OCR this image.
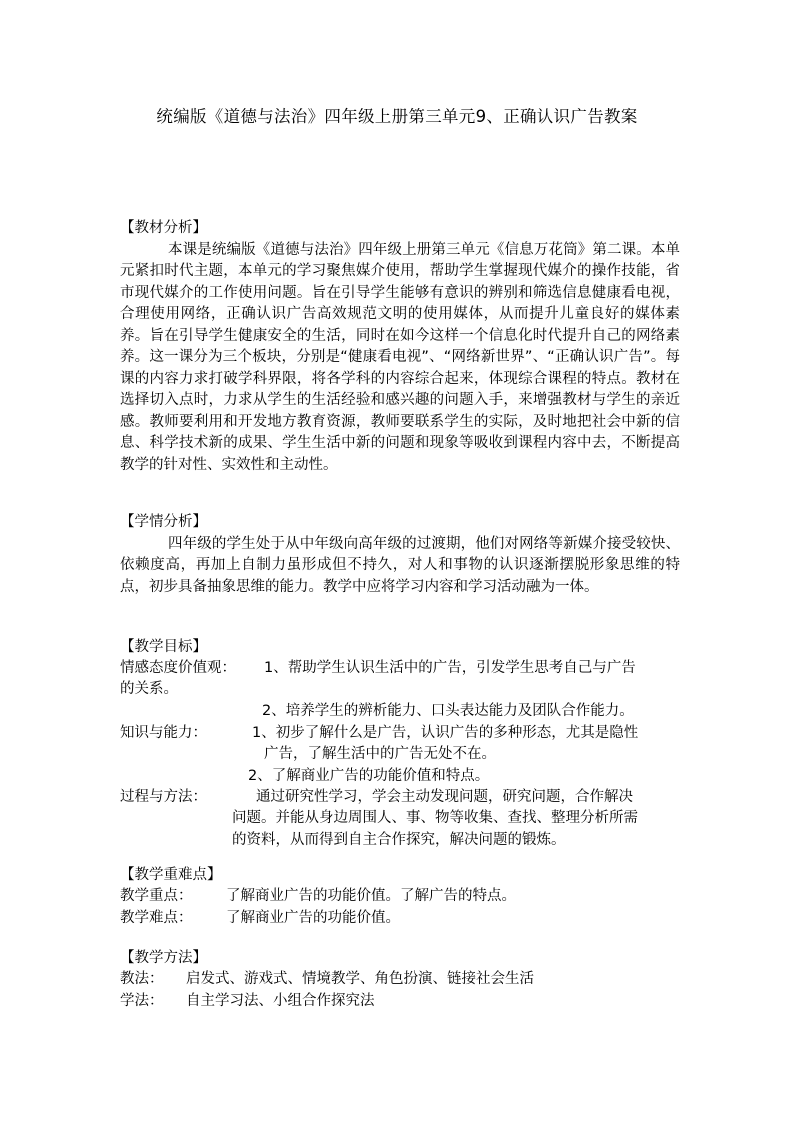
统编版《道德与法治》四年级上册第三单元9、正确认识广告教案
【教材分析】

本课是统编版《道德与法治》四年级上册第三单元《信息万花筒》第二课。本单元紧扣时代主题，本单元的学习聚焦媒介使用，帮助学生掌握现代媒介的操作技能，省市现代媒介的工作使用问题。旨在引导学生能够有意识的辨别和筛选信息健康看电视，合理使用网络，正确认识广告高效规范文明的使用媒体，从而提升儿童良好的媒体素养。旨在引导学生健康安全的生活，同时在如今这样一个信息化时代提升自己的网络素养。这一课分为三个板块，分别是“健康看电视”、“网络新世界”、“正确认识广告”。每课的内容力求打破学科界限，将各学科的内容综合起来，体现综合课程的特点。教材在选择切入点时，力求从学生的生活经验和感兴趣的问题入手，来增强教材与学生的亲近感。教师要利用和开发地方教育资源，教师要联系学生的实际，及时地把社会中新的信息、科学技术新的成果、学生生活中新的问题和现象等吸收到课程内容中去，不断提高教学的针对性、实效性和主动性。

【学情分析】

四年级的学生处于从中年级向高年级的过渡期，他们对网络等新媒介接受较快、依赖度高，再加上自制力虽形成但不持久，对人和事物的认识逐渐摆脱形象思维的特点，初步具备抽象思维的能力。教学中应将学习内容和学习活动融为一体。

【教学目标】
情感态度价值观： 1、帮助学生认识生活中的广告，引发学生思考自己与广告
的关系。
2、培养学生的辨析能力、口头表达能力及团队合作能力。
知识与能力：	1、初步了解什么是广告，认识广告的多种形态，尤其是隐性
广告，了解生活中的广告无处不在。
2、了解商业广告的功能价值和特点。
过程与方法：	通过研究性学习，学会主动发现问题，研究问题，合作解决
问题。并能从身边周围人、事、物等收集、查找、整理分析所需
的资料，从而得到自主合作探究，解决问题的锻炼。
【教学重难点】
教学重点： 了解商业广告的功能价值。了解广告的特点。
教学难点： 了解商业广告的功能价值。
【教学方法】
教法： 启发式、游戏式、情境教学、角色扮演、链接社会生活
学法： 自主学习法、小组合作探究法
